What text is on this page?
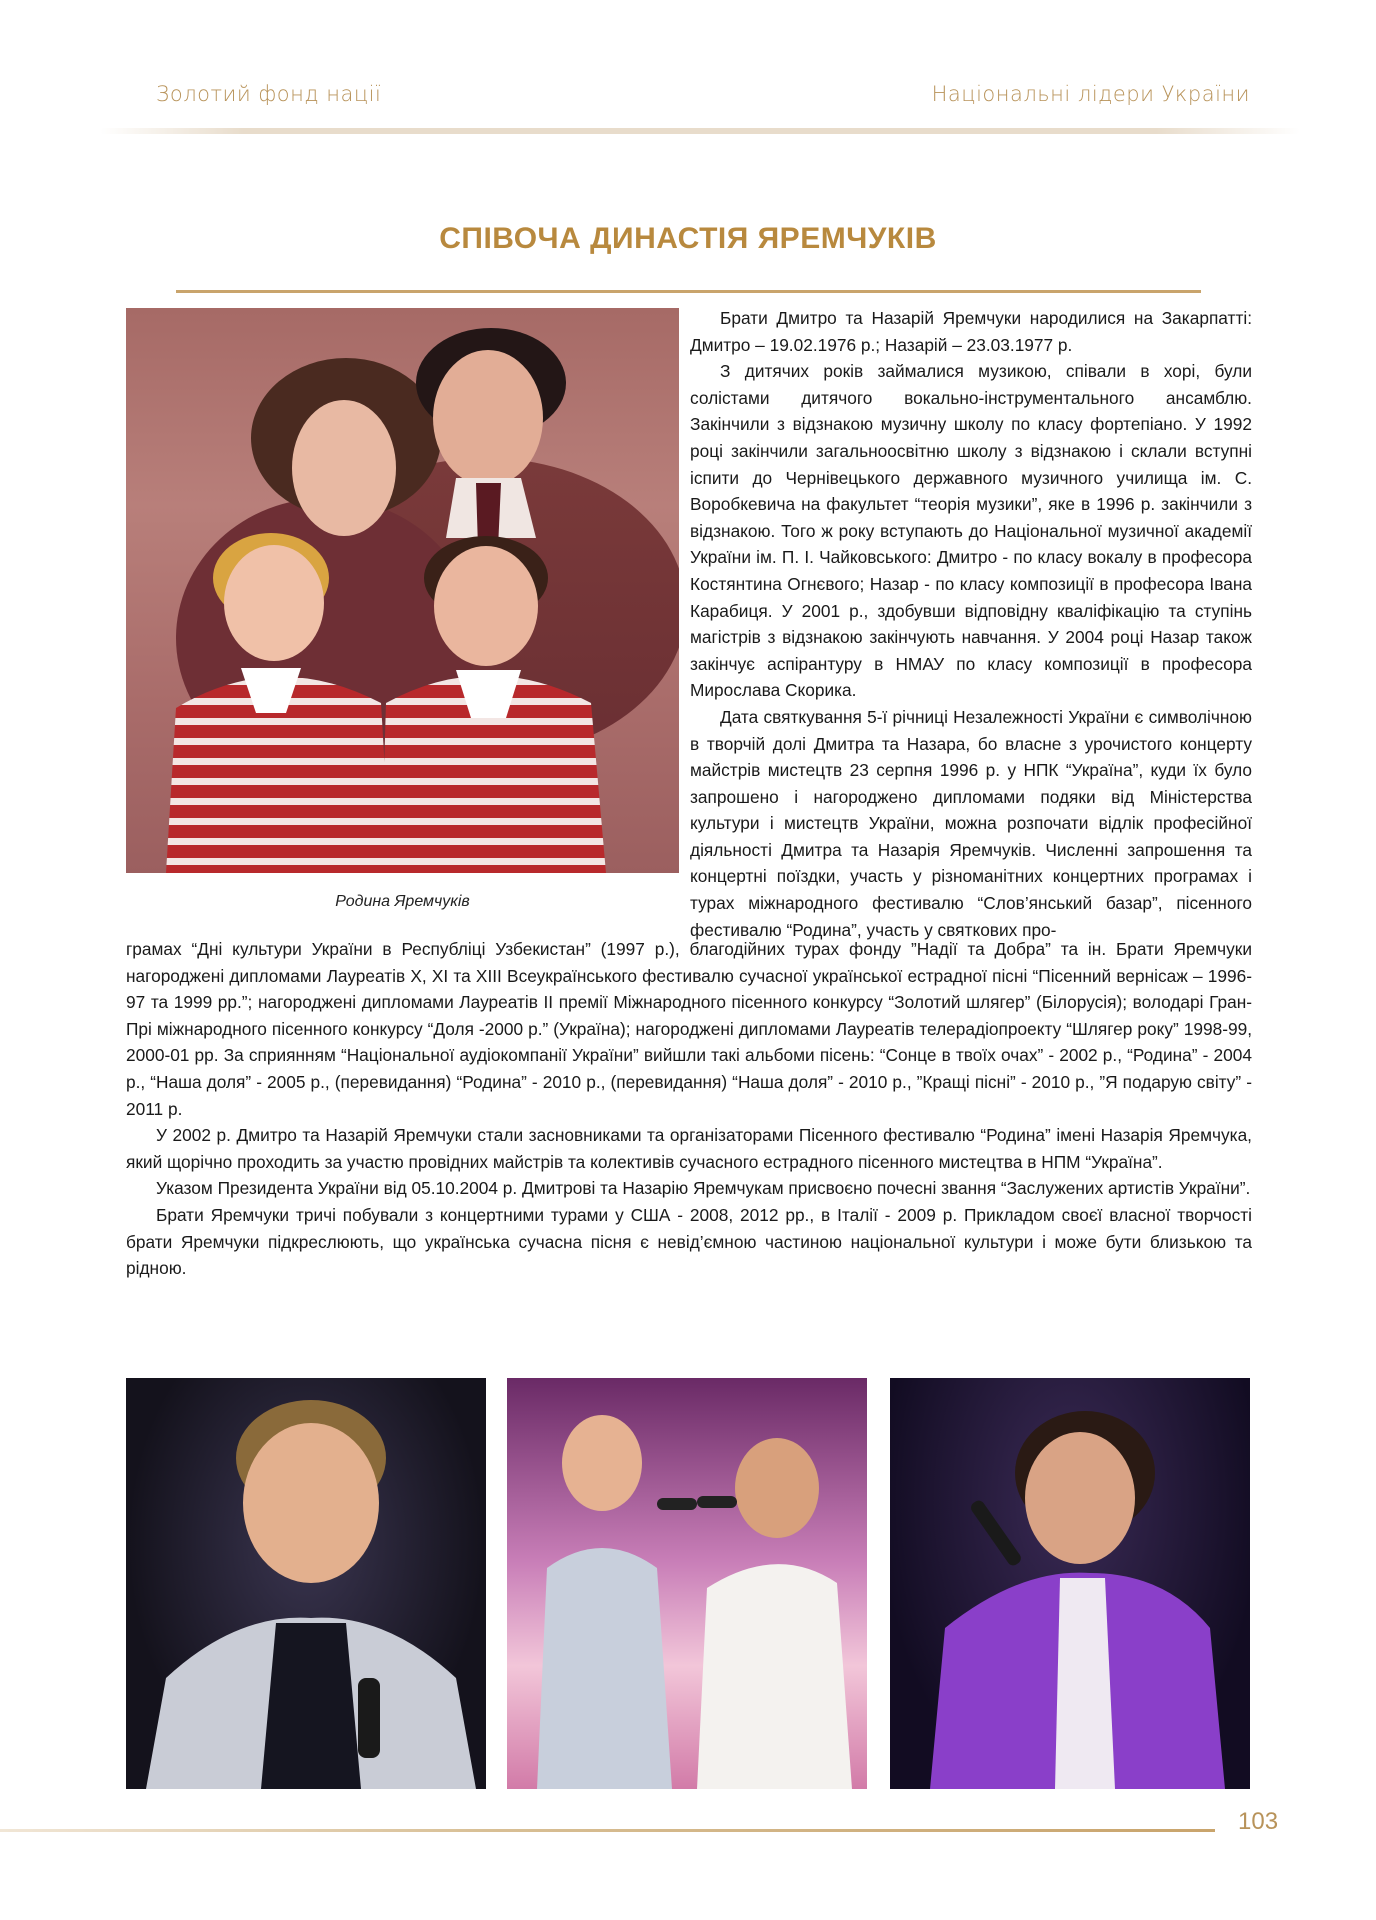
Золотий фонд нації	Національні лідери України
СПІВОЧА ДИНАСТІЯ ЯРЕМЧУКІВ
Родина Яремчуків

Брати Дмитро та Назарій Яремчуки народилися на Закарпатті: Дмитро – 19.02.1976 р.; Назарій – 23.03.1977 р.

З дитячих років займалися музикою, співали в хорі, були солістами дитячого вокально-інструментального ансамблю. Закінчили з відзнакою музичну школу по класу фортепіано. У 1992 році закінчили загальноосвітню школу з відзнакою і склали вступні іспити до Чернівецького державного музичного училища ім. С. Воробкевича на факультет “теорія музики”, яке в 1996 р. закінчили з відзнакою. Того ж року вступають до Національної музичної академії України ім. П. І. Чайковського: Дмитро - по класу вокалу в професора Костянтина Огнєвого; Назар - по класу композиції в професора Івана Карабиця. У 2001 р., здобувши відповідну кваліфікацію та ступінь магістрів з відзнакою закінчують навчання. У 2004 році Назар також закінчує аспірантуру в НМАУ по класу композиції в професора Мирослава Скорика.

Дата святкування 5-ї річниці Незалежності України є символічною в творчій долі Дмитра та Назара, бо власне з урочистого концерту майстрів мистецтв 23 серпня 1996 р. у НПК “Україна”, куди їх було запрошено і нагороджено дипломами подяки від Міністерства культури і мистецтв України, можна розпочати відлік професійної діяльності Дмитра та Назарія Яремчуків. Численні запрошення та концертні поїздки, участь у різноманітних концертних програмах і турах міжнародного фестивалю “Слов’янський базар”, пісенного фестивалю “Родина”, участь у святкових про-

грамах “Дні культури України в Республіці Узбекистан” (1997 р.), благодійних турах фонду ”Надії та Добра” та ін. Брати Яремчуки нагороджені дипломами Лауреатів Х, ХІ та ХІІІ Всеукраїнського фестивалю сучасної української естрадної пісні “Пісенний вернісаж – 1996-97 та 1999 рр.”; нагороджені дипломами Лауреатів ІІ премії Міжнародного пісенного конкурсу “Золотий шлягер” (Білорусія); володарі Гран-Прі міжнародного пісенного конкурсу “Доля -2000 р.” (Україна); нагороджені дипломами Лауреатів телерадіопроекту “Шлягер року” 1998-99, 2000-01 рр. За сприянням “Національної аудіокомпанії України” вийшли такі альбоми пісень: “Сонце в твоїх очах” - 2002 р., “Родина” - 2004 р., “Наша доля” - 2005 р., (перевидання) “Родина” - 2010 р., (перевидання) “Наша доля” - 2010 р., ”Кращі пісні” - 2010 р., ”Я подарую світу” - 2011 р.

У 2002 р. Дмитро та Назарій Яремчуки стали засновниками та організаторами Пісенного фестивалю “Родина” імені Назарія Яремчука, який щорічно проходить за участю провідних майстрів та колективів сучасного естрадного пісенного мистецтва в НПМ “Україна”.

Указом Президента України від 05.10.2004 р. Дмитрові та Назарію Яремчукам присвоєно почесні звання “Заслужених артистів України”.

Брати Яремчуки тричі побували з концертними турами у США - 2008, 2012 рр., в Італії - 2009 р. Прикладом своєї власної творчості брати Яремчуки підкреслюють, що українська сучасна пісня є невід’ємною частиною національної культури і може бути близькою та рідною.

103
